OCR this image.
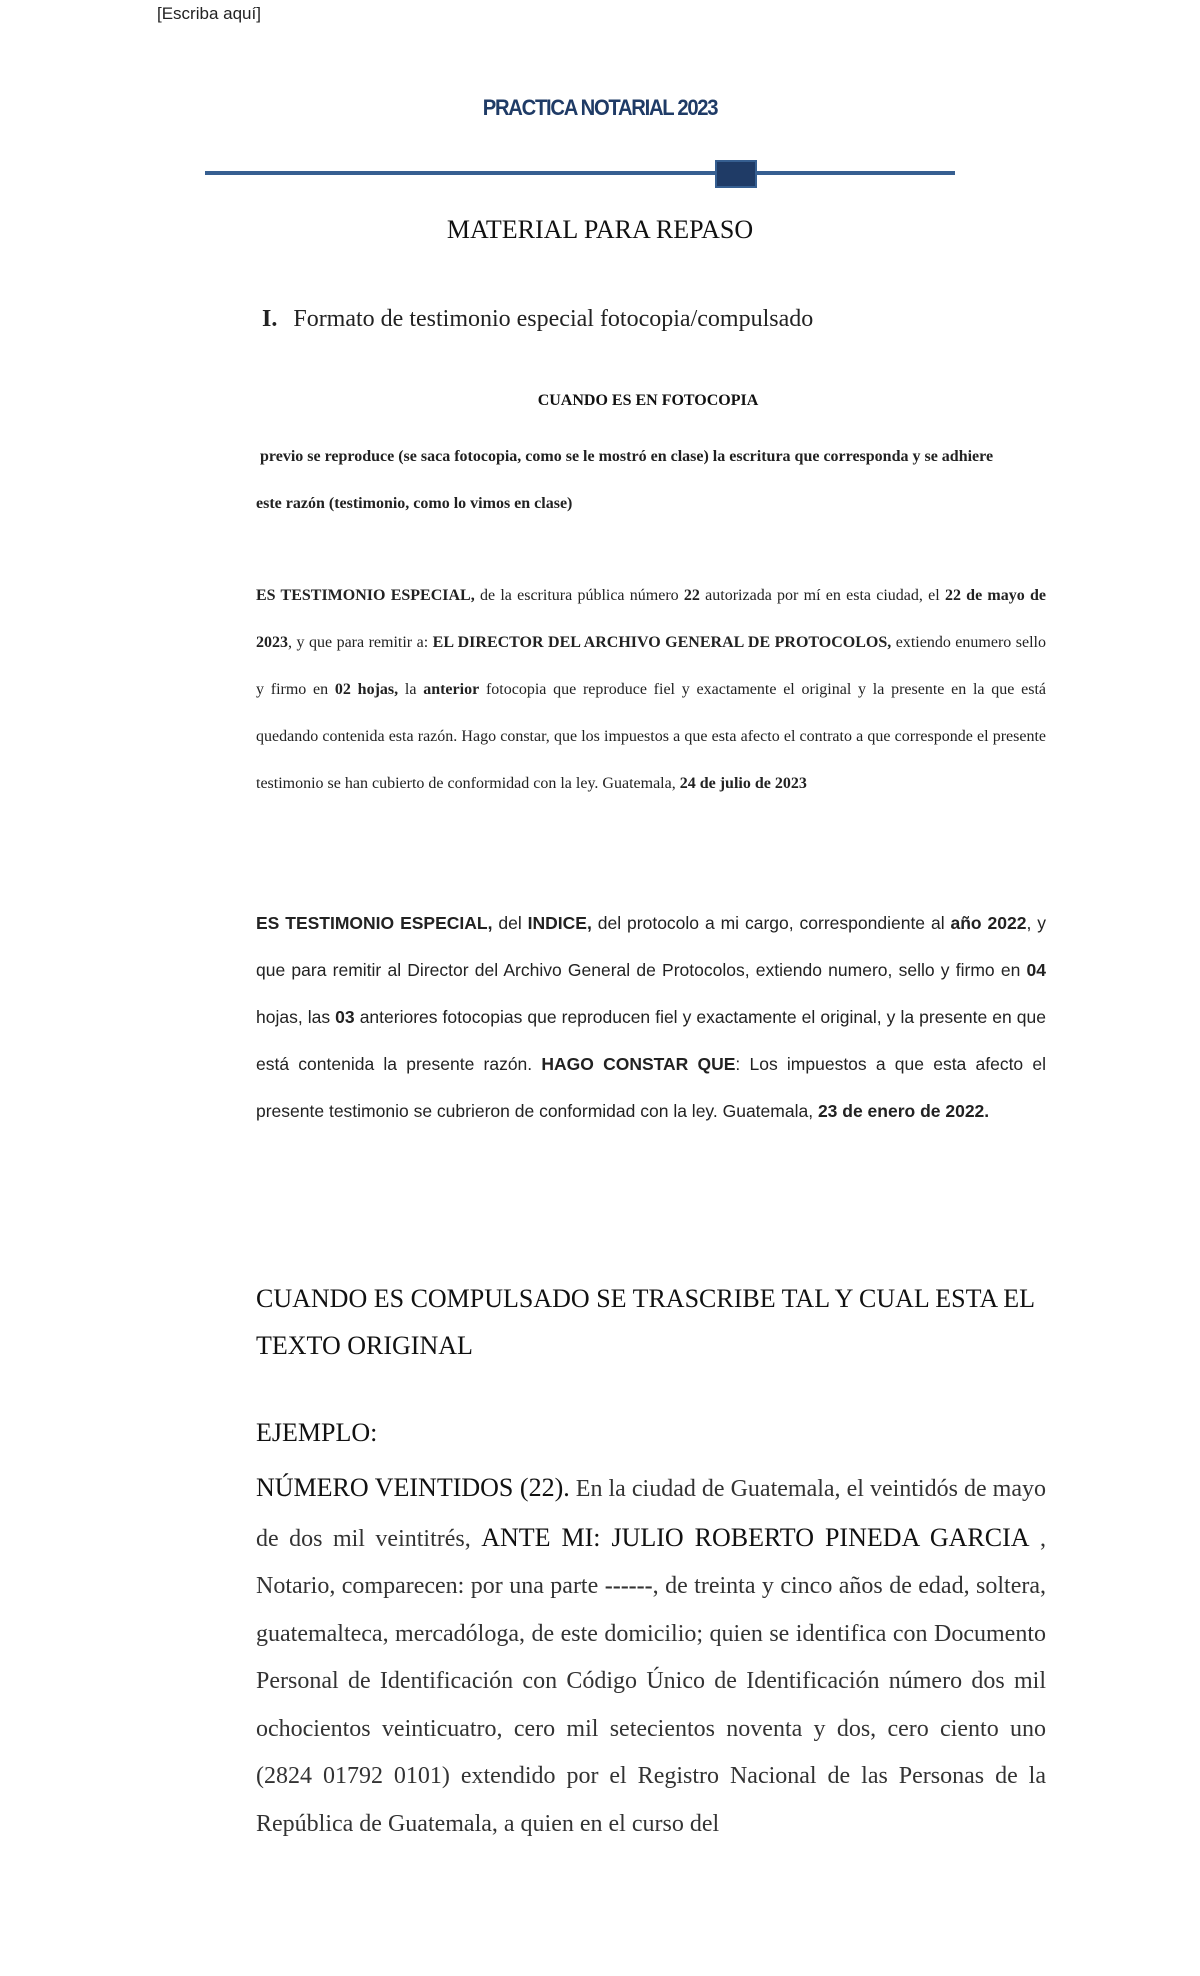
[Escriba aquí]
PRACTICA NOTARIAL 2023
MATERIAL PARA REPASO
I. Formato de testimonio especial fotocopia/compulsado
CUANDO ES EN FOTOCOPIA
previo se reproduce (se saca fotocopia, como se le mostró en clase) la escritura que corresponda y se adhiere
este razón (testimonio, como lo vimos en clase)
ES TESTIMONIO ESPECIAL, de la escritura pública número 22 autorizada por mí en esta ciudad, el 22 de mayo de 2023, y que para remitir a: EL DIRECTOR DEL ARCHIVO GENERAL DE PROTOCOLOS, extiendo enumero sello y firmo en 02 hojas, la anterior fotocopia que reproduce fiel y exactamente el original y la presente en la que está quedando contenida esta razón. Hago constar, que los impuestos a que esta afecto el contrato a que corresponde el presente testimonio se han cubierto de conformidad con la ley. Guatemala, 24 de julio de 2023
ES TESTIMONIO ESPECIAL, del INDICE, del protocolo a mi cargo, correspondiente al año 2022, y que para remitir al Director del Archivo General de Protocolos, extiendo numero, sello y firmo en 04 hojas, las 03 anteriores fotocopias que reproducen fiel y exactamente el original, y la presente en que está contenida la presente razón. HAGO CONSTAR QUE: Los impuestos a que esta afecto el presente testimonio se cubrieron de conformidad con la ley. Guatemala, 23 de enero de 2022.
CUANDO ES COMPULSADO SE TRASCRIBE TAL Y CUAL ESTA EL TEXTO ORIGINAL
EJEMPLO:
NÚMERO VEINTIDOS (22). En la ciudad de Guatemala, el veintidós de mayo de dos mil veintitrés, ANTE MI: JULIO ROBERTO PINEDA GARCIA , Notario, comparecen: por una parte ------, de treinta y cinco años de edad, soltera, guatemalteca, mercadóloga, de este domicilio; quien se identifica con Documento Personal de Identificación con Código Único de Identificación número dos mil ochocientos veinticuatro, cero mil setecientos noventa y dos, cero ciento uno (2824 01792 0101) extendido por el Registro Nacional de las Personas de la República de Guatemala, a quien en el curso del
